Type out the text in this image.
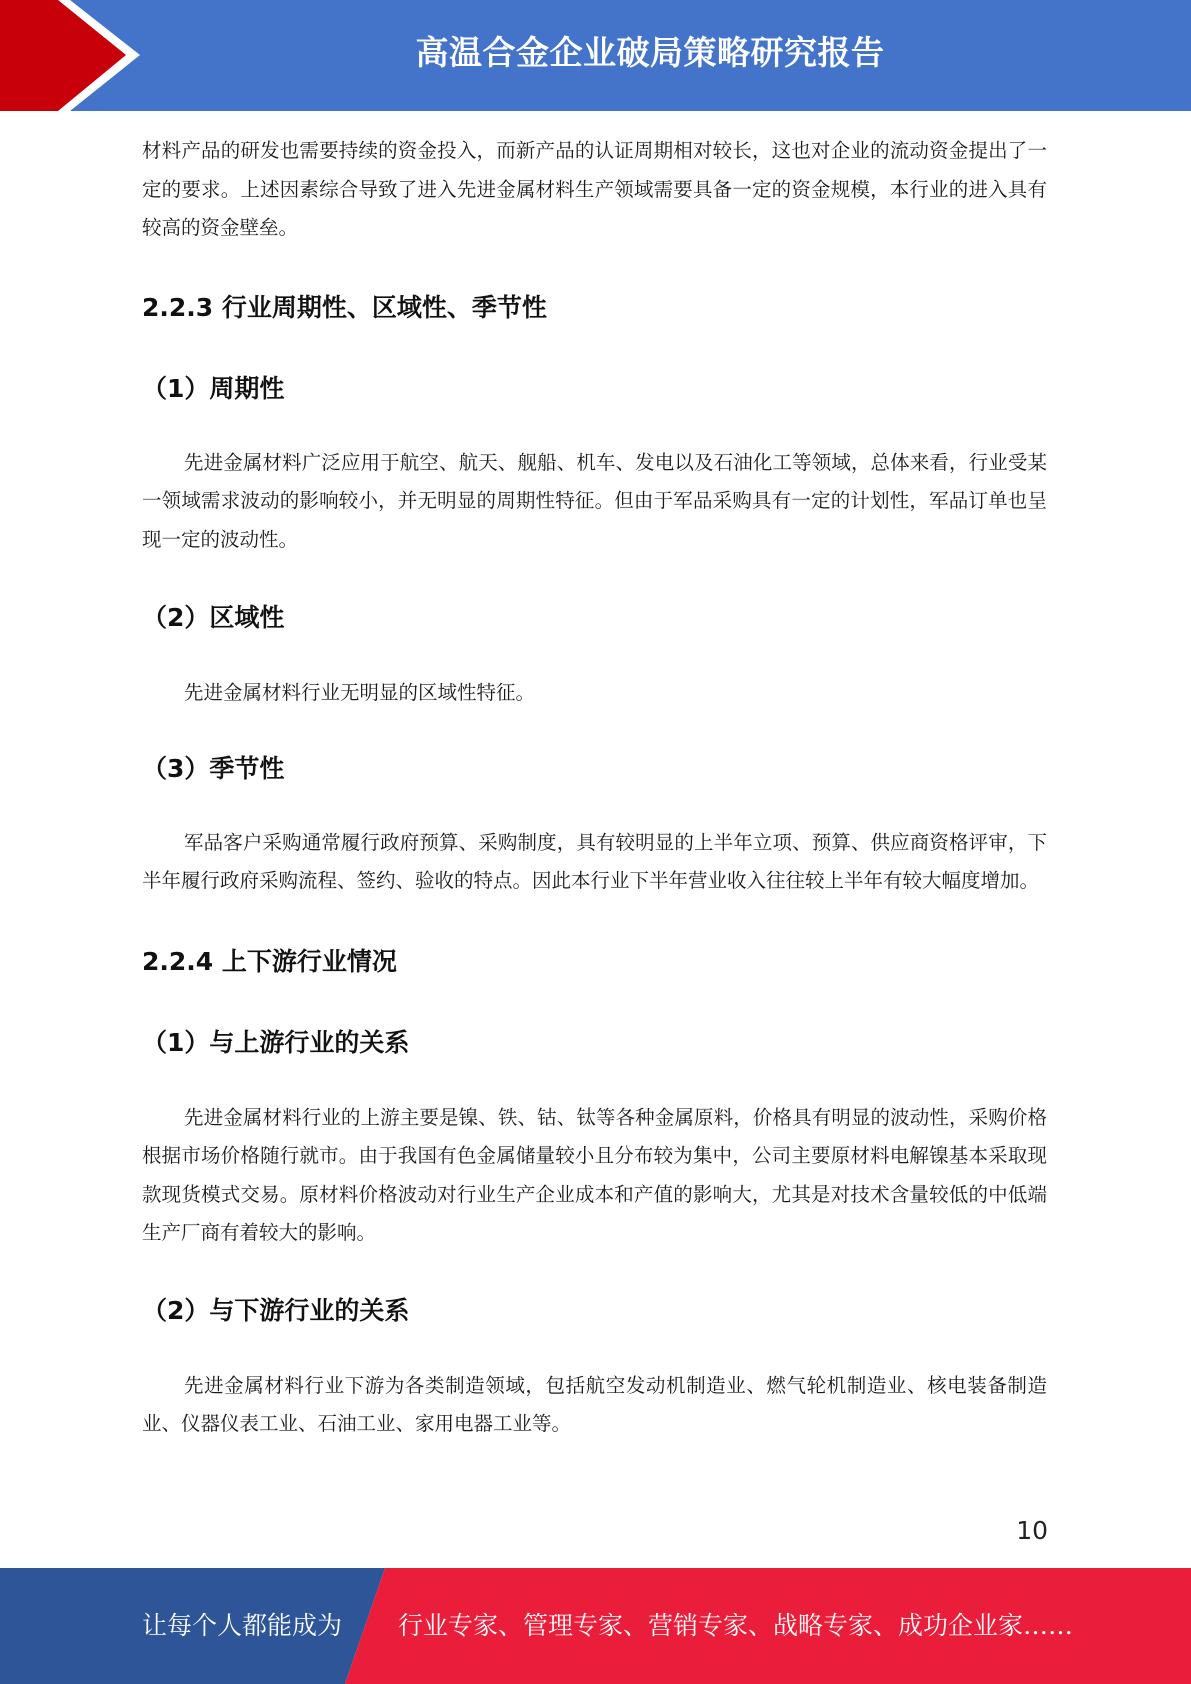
高温合金企业破局策略研究报告

材料产品的研发也需要持续的资金投入，而新产品的认证周期相对较长，这也对企业的流动资金提出了一定的要求。上述因素综合导致了进入先进金属材料生产领域需要具备一定的资金规模，本行业的进入具有较高的资金壁垒。

2.2.3 行业周期性、区域性、季节性
（1）周期性

先进金属材料广泛应用于航空、航天、舰船、机车、发电以及石油化工等领域，总体来看，行业受某一领域需求波动的影响较小，并无明显的周期性特征。但由于军品采购具有一定的计划性，军品订单也呈现一定的波动性。

（2）区域性

先进金属材料行业无明显的区域性特征。

（3）季节性

军品客户采购通常履行政府预算、采购制度，具有较明显的上半年立项、预算、供应商资格评审，下半年履行政府采购流程、签约、验收的特点。因此本行业下半年营业收入往往较上半年有较大幅度增加。

2.2.4 上下游行业情况
（1）与上游行业的关系

先进金属材料行业的上游主要是镍、铁、钴、钛等各种金属原料，价格具有明显的波动性，采购价格根据市场价格随行就市。由于我国有色金属储量较小且分布较为集中，公司主要原材料电解镍基本采取现款现货模式交易。原材料价格波动对行业生产企业成本和产值的影响大，尤其是对技术含量较低的中低端生产厂商有着较大的影响。

（2）与下游行业的关系

先进金属材料行业下游为各类制造领域，包括航空发动机制造业、燃气轮机制造业、核电装备制造业、仪器仪表工业、石油工业、家用电器工业等。

10
让每个人都能成为 行业专家、管理专家、营销专家、战略专家、成功企业家……
